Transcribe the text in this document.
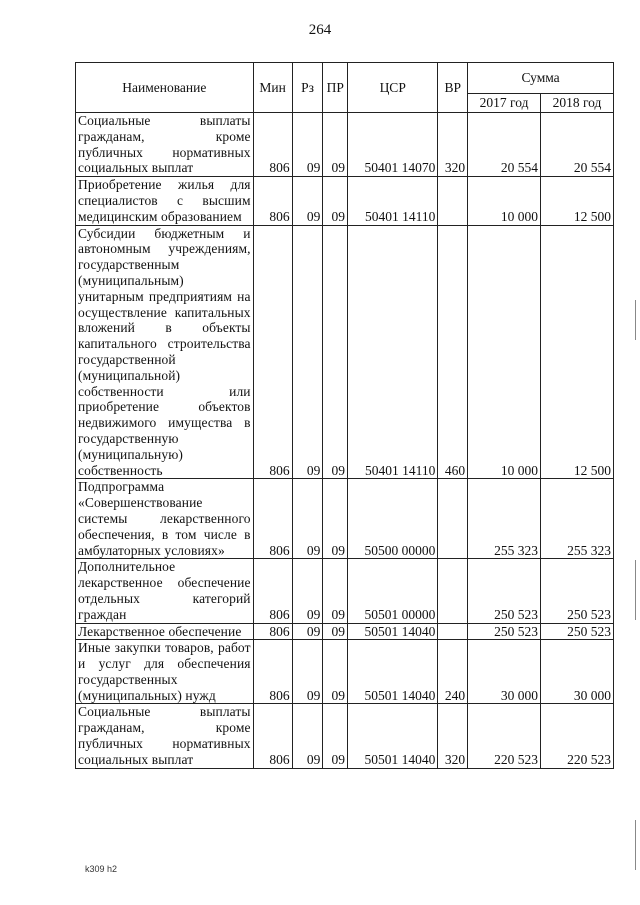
264
Наименование	Мин	Рз	ПР	ЦСР	ВР	Сумма	
						2017 год	2018 год
Социальные выплаты гражданам, кроме публичных нормативных социальных выплат	806	09	09	50401 14070	320	20 554	20 554
Приобретение жилья для специалистов с высшим медицинским образованием	806	09	09	50401 14110		10 000	12 500
Субсидии бюджетным и автономным учреждениям, государственным (муниципальным) унитарным предприятиям на осуществление капитальных вложений в объекты капитального строительства государственной (муниципальной) собственности или приобретение объектов недвижимого имущества в государственную (муниципальную) собственность	806	09	09	50401 14110	460	10 000	12 500
Подпрограмма «Совершенствование системы лекарственного обеспечения, в том числе в амбулаторных условиях»	806	09	09	50500 00000		255 323	255 323
Дополнительное лекарственное обеспечение отдельных категорий граждан	806	09	09	50501 00000		250 523	250 523
Лекарственное обеспечение	806	09	09	50501 14040		250 523	250 523
Иные закупки товаров, работ и услуг для обеспечения государственных (муниципальных) нужд	806	09	09	50501 14040	240	30 000	30 000
Социальные выплаты гражданам, кроме публичных нормативных социальных выплат	806	09	09	50501 14040	320	220 523	220 523
k309 h2
